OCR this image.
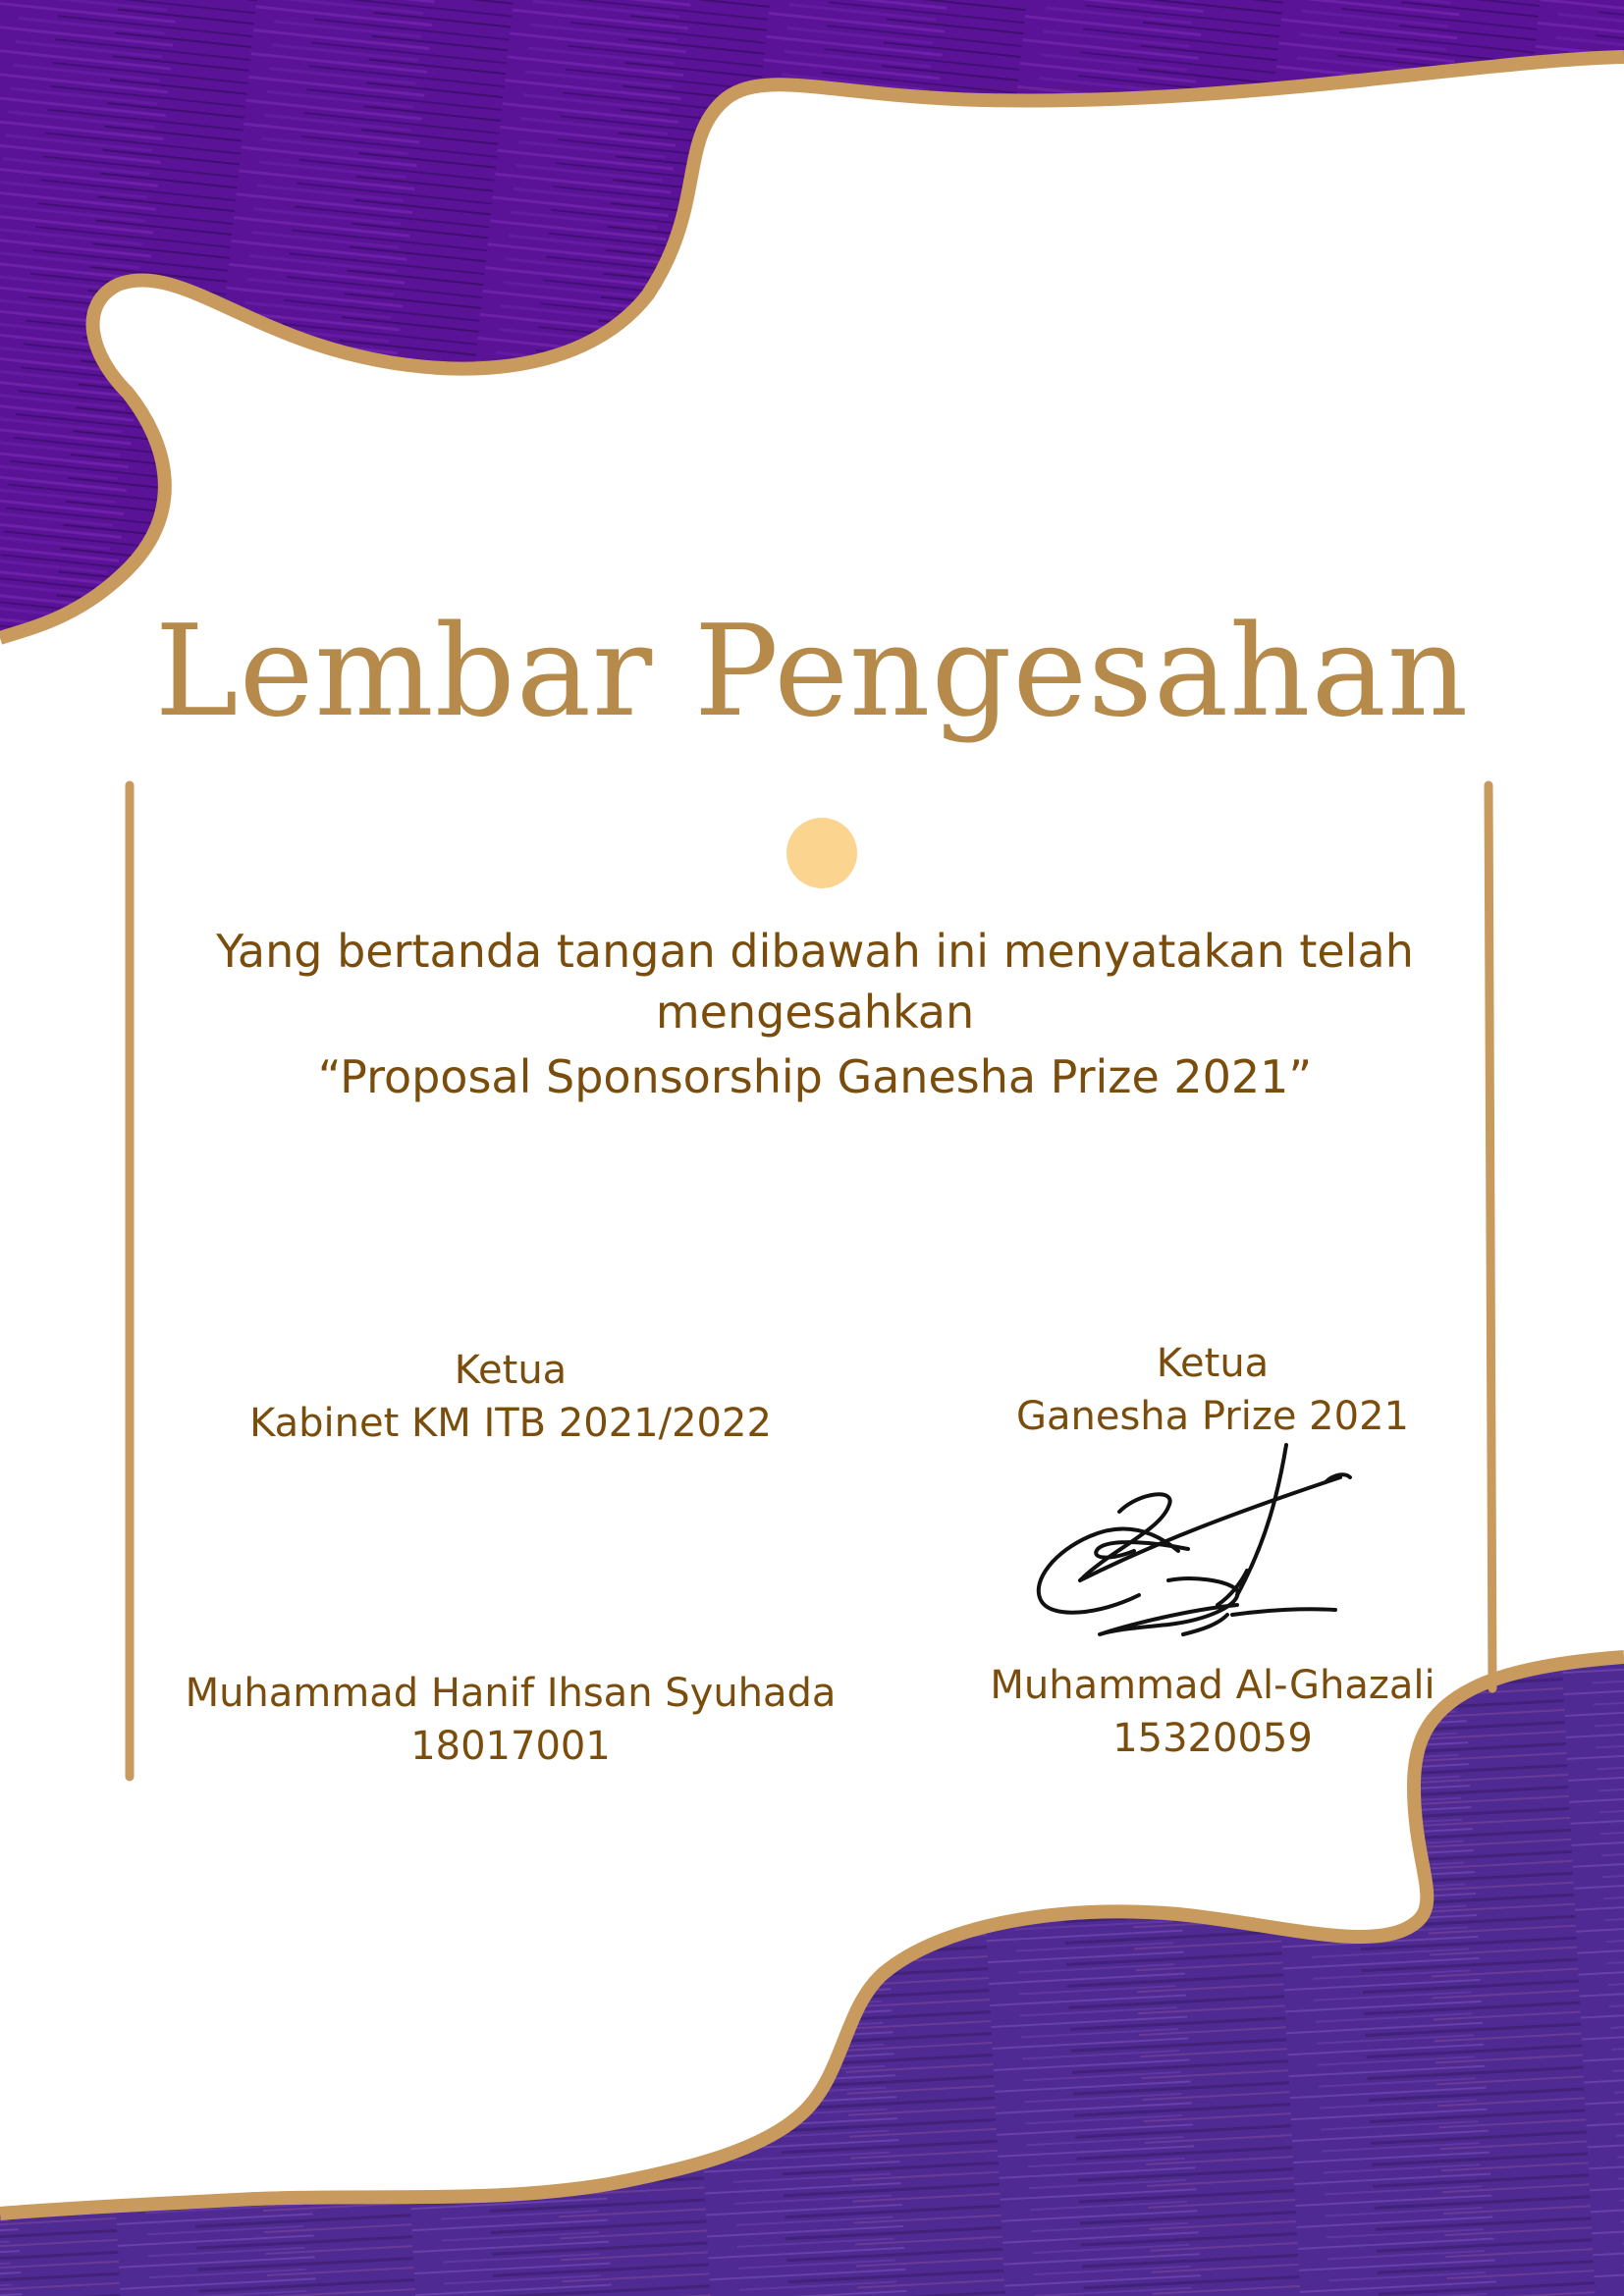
Lembar Pengesahan
Yang bertanda tangan dibawah ini menyatakan telah
mengesahkan
“Proposal Sponsorship Ganesha Prize 2021”
Ketua
Kabinet KM ITB 2021/2022
Ketua
Ganesha Prize 2021
Muhammad Hanif Ihsan Syuhada
18017001
Muhammad Al-Ghazali
15320059
